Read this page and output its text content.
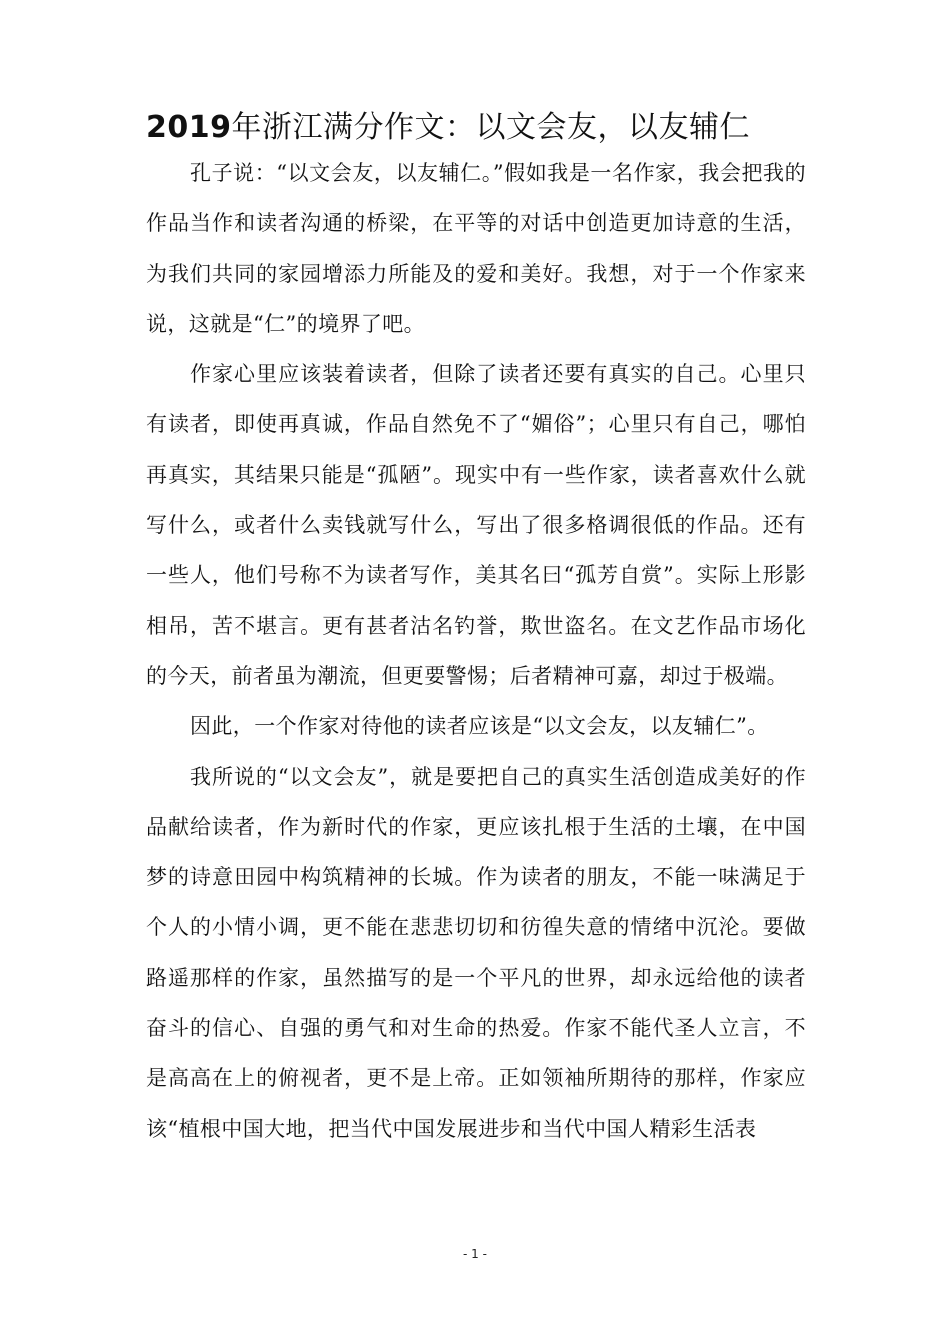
2019年浙江满分作文：以文会友，以友辅仁

孔子说：“以文会友，以友辅仁。”假如我是一名作家，我会把我的作品当作和读者沟通的桥梁，在平等的对话中创造更加诗意的生活，为我们共同的家园增添力所能及的爱和美好。我想，对于一个作家来说，这就是“仁”的境界了吧。

作家心里应该装着读者，但除了读者还要有真实的自己。心里只有读者，即使再真诚，作品自然免不了“媚俗”；心里只有自己，哪怕再真实，其结果只能是“孤陋”。现实中有一些作家，读者喜欢什么就写什么，或者什么卖钱就写什么，写出了很多格调很低的作品。还有一些人，他们号称不为读者写作，美其名曰“孤芳自赏”。实际上形影相吊，苦不堪言。更有甚者沽名钓誉，欺世盗名。在文艺作品市场化的今天，前者虽为潮流，但更要警惕；后者精神可嘉，却过于极端。

因此，一个作家对待他的读者应该是“以文会友，以友辅仁”。

我所说的“以文会友”，就是要把自己的真实生活创造成美好的作品献给读者，作为新时代的作家，更应该扎根于生活的土壤，在中国梦的诗意田园中构筑精神的长城。作为读者的朋友，不能一味满足于个人的小情小调，更不能在悲悲切切和彷徨失意的情绪中沉沦。要做路遥那样的作家，虽然描写的是一个平凡的世界，却永远给他的读者奋斗的信心、自强的勇气和对生命的热爱。作家不能代圣人立言，不是高高在上的俯视者，更不是上帝。正如领袖所期待的那样，作家应该“植根中国大地，把当代中国发展进步和当代中国人精彩生活表

- 1 -
